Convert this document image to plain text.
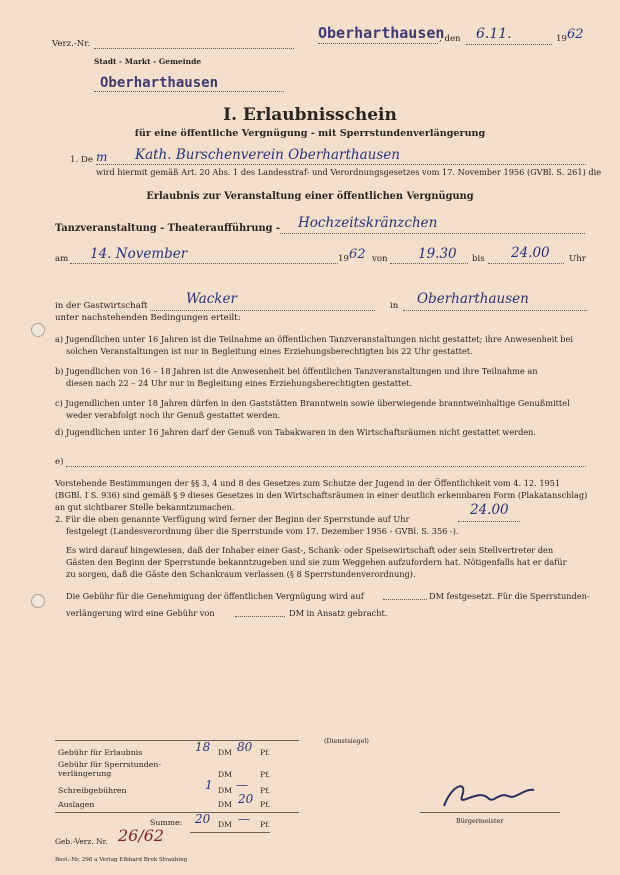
Verz.-Nr.
Oberharthausen
, den 6.11.	19 62
Stadt - Markt - Gemeinde
Oberharthausen
I. Erlaubnisschein
für eine öffentliche Vergnügung - mit Sperrstundenverlängerung
1. De m Kath. Burschenverein Oberharthausen
wird hiermit gemäß Art. 20 Abs. 1 des Landesstraf- und Verordnungsgesetzes vom 17. November 1956 (GVBl. S. 261) die
Erlaubnis zur Veranstaltung einer öffentlichen Vergnügung
Tanzveranstaltung - Theateraufführung - Hochzeitskränzchen
am 14. November	19 62 von 19.30 bis 24.00 Uhr
in der Gastwirtschaft	Wacker	in Oberharthausen
unter nachstehenden Bedingungen erteilt:
a) Jugendlichen unter 16 Jahren ist die Teilnahme an öffentlichen Tanzveranstaltungen nicht gestattet; ihre Anwesenheit bei
solchen Veranstaltungen ist nur in Begleitung eines Erziehungsberechtigten bis 22 Uhr gestattet.
b) Jugendlichen von 16 – 18 Jahren ist die Anwesenheit bei öffentlichen Tanzveranstaltungen und ihre Teilnahme an
diesen nach 22 – 24 Uhr nur in Begleitung eines Erziehungsberechtigten gestattet.
c) Jugendlichen unter 18 Jahren dürfen in den Gaststätten Branntwein sowie überwiegende branntweinhaltige Genußmittel
weder verabfolgt noch ihr Genuß gestattet werden.
d) Jugendlichen unter 16 Jahren darf der Genuß von Tabakwaren in den Wirtschaftsräumen nicht gestattet werden.
e)
Vorstehende Bestimmungen der §§ 3, 4 und 8 des Gesetzes zum Schutze der Jugend in der Öffentlichkeit vom 4. 12. 1951
(BGBl. I S. 936) sind gemäß § 9 dieses Gesetzes in den Wirtschaftsräumen in einer deutlich erkennbaren Form (Plakatanschlag)
an gut sichtbarer Stelle bekanntzumachen.
2. Für die oben genannte Verfügung wird ferner der Beginn der Sperrstunde auf Uhr
24.00
festgelegt (Landesverordnung über die Sperrstunde vom 17. Dezember 1956 - GVBl. S. 356 -).
Es wird darauf hingewiesen, daß der Inhaber einer Gast-, Schank- oder Speisewirtschaft oder sein Stellvertreter den
Gästen den Beginn der Sperrstunde bekanntzugeben und sie zum Weggehen aufzufordern hat. Nötigenfalls hat er dafür
zu sorgen, daß die Gäste den Schankraum verlassen (§ 8 Sperrstundenverordnung).
Die Gebühr für die Genehmigung der öffentlichen Vergnügung wird auf	DM festgesetzt. Für die Sperrstunden-
verlängerung wird eine Gebühr von	DM in Ansatz gebracht.
(Dienstsiegel)
Gebühr für Erlaubnis	18 DM 80 Pf.
Gebühr für Sperrstunden-
verlängerung	DM	Pf.
Schreibgebühren	1 DM — Pf.
Auslagen	DM 20 Pf.
Summe: 20 DM — Pf.
Geb.-Verz. Nr. 26/62
Best.-Nr. 298 a Verlag Eibhard Brok Straubing
Bürgermeister
